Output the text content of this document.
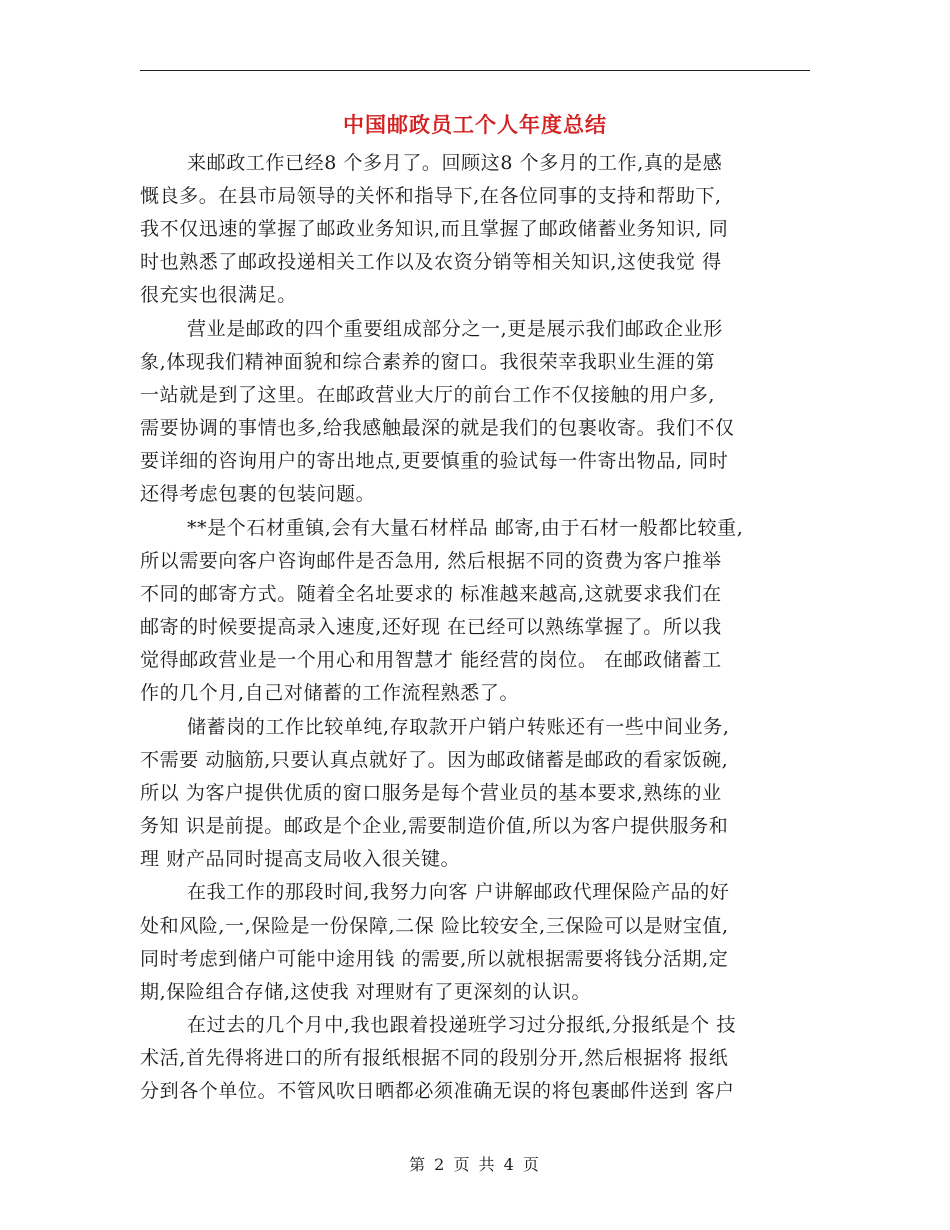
中国邮政员工个人年度总结
来邮政工作已经8 个多月了。回顾这8 个多月的工作,真的是感
慨良多。在县市局领导的关怀和指导下,在各位同事的支持和帮助下,
我不仅迅速的掌握了邮政业务知识,而且掌握了邮政储蓄业务知识, 同
时也熟悉了邮政投递相关工作以及农资分销等相关知识,这使我觉 得
很充实也很满足。
营业是邮政的四个重要组成部分之一,更是展示我们邮政企业形
象,体现我们精神面貌和综合素养的窗口。我很荣幸我职业生涯的第
一站就是到了这里。在邮政营业大厅的前台工作不仅接触的用户多,
需要协调的事情也多,给我感触最深的就是我们的包裹收寄。我们不仅
要详细的咨询用户的寄出地点,更要慎重的验试每一件寄出物品, 同时
还得考虑包裹的包装问题。
**是个石材重镇,会有大量石材样品 邮寄,由于石材一般都比较重,
所以需要向客户咨询邮件是否急用, 然后根据不同的资费为客户推举
不同的邮寄方式。随着全名址要求的 标准越来越高,这就要求我们在
邮寄的时候要提高录入速度,还好现 在已经可以熟练掌握了。所以我
觉得邮政营业是一个用心和用智慧才 能经营的岗位。 在邮政储蓄工
作的几个月,自己对储蓄的工作流程熟悉了。
储蓄岗的工作比较单纯,存取款开户销户转账还有一些中间业务,
不需要 动脑筋,只要认真点就好了。因为邮政储蓄是邮政的看家饭碗,
所以 为客户提供优质的窗口服务是每个营业员的基本要求,熟练的业
务知 识是前提。邮政是个企业,需要制造价值,所以为客户提供服务和
理 财产品同时提高支局收入很关键。
在我工作的那段时间,我努力向客 户讲解邮政代理保险产品的好
处和风险,一,保险是一份保障,二保 险比较安全,三保险可以是财宝值,
同时考虑到储户可能中途用钱 的需要,所以就根据需要将钱分活期,定
期,保险组合存储,这使我 对理财有了更深刻的认识。
在过去的几个月中,我也跟着投递班学习过分报纸,分报纸是个 技
术活,首先得将进口的所有报纸根据不同的段别分开,然后根据将 报纸
分到各个单位。不管风吹日晒都必须准确无误的将包裹邮件送到 客户
第 2 页 共 4 页
